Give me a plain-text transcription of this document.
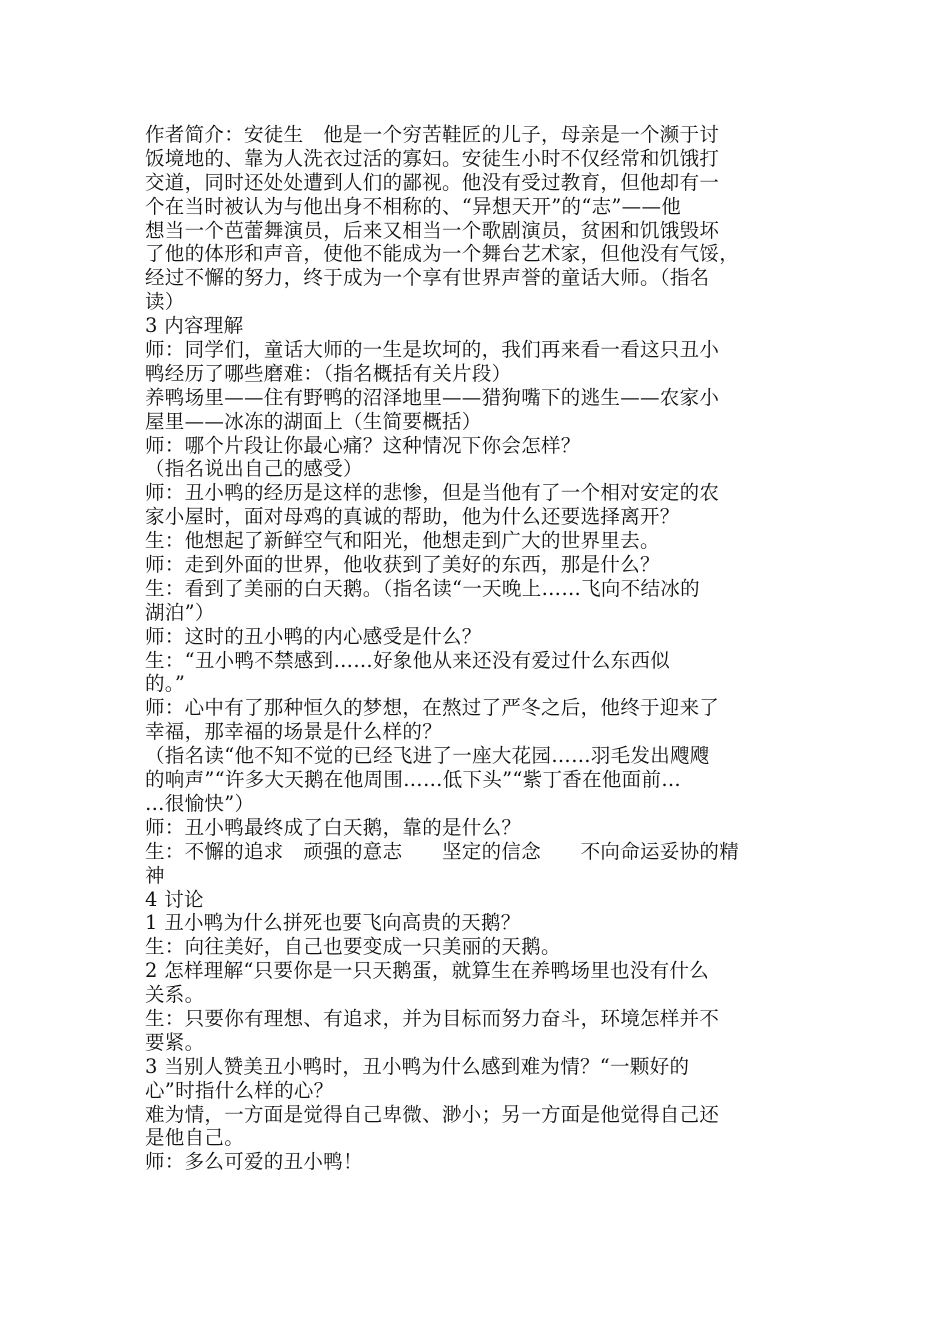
作者简介：安徒生　他是一个穷苦鞋匠的儿子，母亲是一个濒于讨
饭境地的、靠为人洗衣过活的寡妇。安徒生小时不仅经常和饥饿打
交道，同时还处处遭到人们的鄙视。他没有受过教育，但他却有一
个在当时被认为与他出身不相称的、“异想天开”的“志”——他
想当一个芭蕾舞演员，后来又相当一个歌剧演员，贫困和饥饿毁坏
了他的体形和声音，使他不能成为一个舞台艺术家，但他没有气馁，
经过不懈的努力，终于成为一个享有世界声誉的童话大师。（指名
读）
3 内容理解
师：同学们，童话大师的一生是坎坷的，我们再来看一看这只丑小
鸭经历了哪些磨难：（指名概括有关片段）
养鸭场里——住有野鸭的沼泽地里——猎狗嘴下的逃生——农家小
屋里——冰冻的湖面上（生简要概括）
师：哪个片段让你最心痛？这种情况下你会怎样？
（指名说出自己的感受）
师：丑小鸭的经历是这样的悲惨，但是当他有了一个相对安定的农
家小屋时，面对母鸡的真诚的帮助，他为什么还要选择离开？
生：他想起了新鲜空气和阳光，他想走到广大的世界里去。
师：走到外面的世界，他收获到了美好的东西，那是什么？
生：看到了美丽的白天鹅。（指名读“一天晚上……飞向不结冰的
湖泊”）
师：这时的丑小鸭的内心感受是什么？
生：“丑小鸭不禁感到……好象他从来还没有爱过什么东西似
的。”
师：心中有了那种恒久的梦想，在熬过了严冬之后，他终于迎来了
幸福，那幸福的场景是什么样的？
（指名读“他不知不觉的已经飞进了一座大花园……羽毛发出飕飕
的响声”“许多大天鹅在他周围……低下头”“紫丁香在他面前…
…很愉快”）
师：丑小鸭最终成了白天鹅，靠的是什么？
生：不懈的追求　顽强的意志　　坚定的信念　　不向命运妥协的精
神
4 讨论
1 丑小鸭为什么拼死也要飞向高贵的天鹅？
生：向往美好，自己也要变成一只美丽的天鹅。
2 怎样理解“只要你是一只天鹅蛋，就算生在养鸭场里也没有什么
关系。
生：只要你有理想、有追求，并为目标而努力奋斗，环境怎样并不
要紧。
3 当别人赞美丑小鸭时，丑小鸭为什么感到难为情？“一颗好的
心”时指什么样的心？
难为情，一方面是觉得自己卑微、渺小；另一方面是他觉得自己还
是他自己。
师：多么可爱的丑小鸭！
